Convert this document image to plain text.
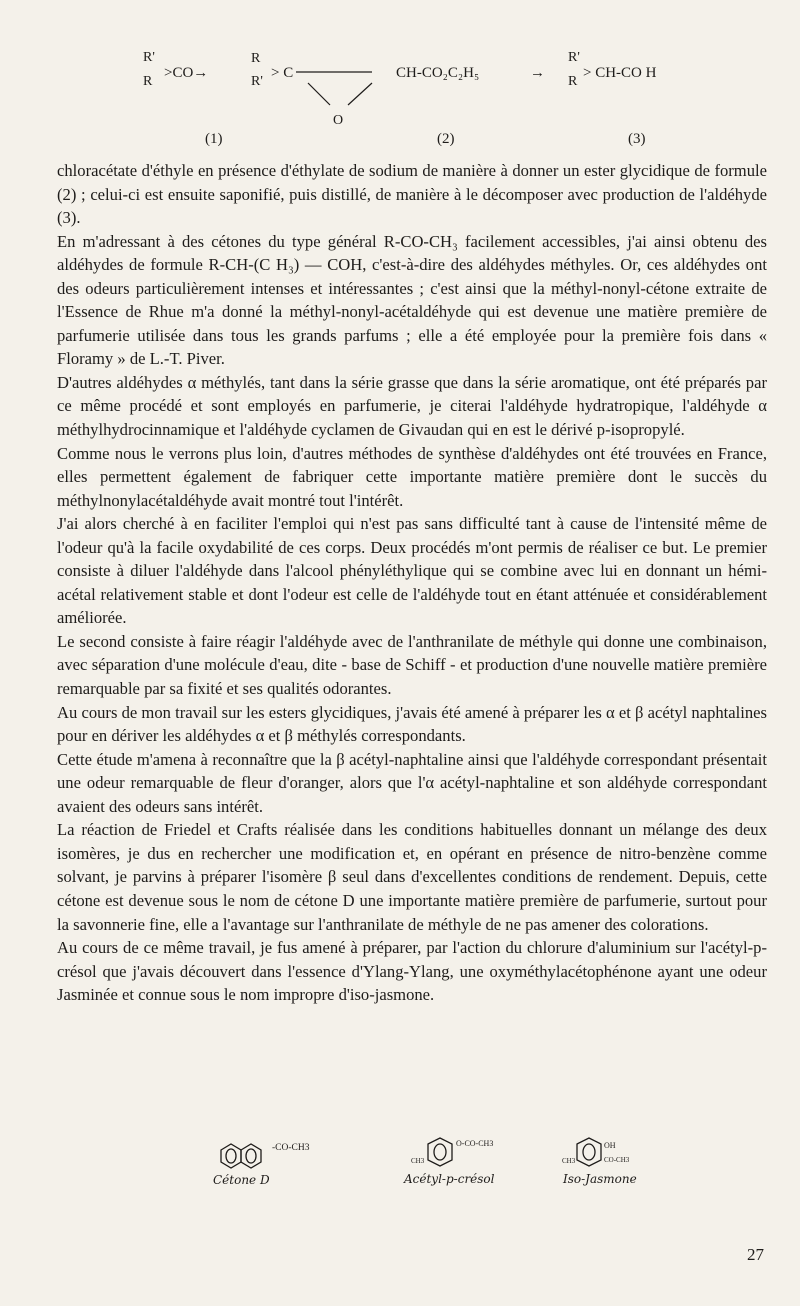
R'
R
>CO→
R
R'
> C
O
CH-CO₂C₂H₅	→
R'
R
> CH-CO H
(1)	(2)	(3)

chloracétate d'éthyle en présence d'éthylate de sodium de manière à donner un ester glycidique de formule (2) ; celui-ci est ensuite saponifié, puis distillé, de manière à le décomposer avec production de l'aldéhyde (3).

En m'adressant à des cétones du type général R-CO-CH₃ facilement accessibles, j'ai ainsi obtenu des aldéhydes de formule R-CH-(C H₃) — COH, c'est-à-dire des aldéhydes méthyles. Or, ces aldéhydes ont des odeurs particulièrement intenses et intéressantes ; c'est ainsi que la méthyl-nonyl-cétone extraite de l'Essence de Rhue m'a donné la méthyl-nonyl-acétaldéhyde qui est devenue une matière première de parfumerie utilisée dans tous les grands parfums ; elle a été employée pour la première fois dans « Floramy » de L.-T. Piver.

D'autres aldéhydes α méthylés, tant dans la série grasse que dans la série aromatique, ont été préparés par ce même procédé et sont employés en parfumerie, je citerai l'aldéhyde hydratropique, l'aldéhyde α méthylhydrocinnamique et l'aldéhyde cyclamen de Givaudan qui en est le dérivé p-isopropylé.

Comme nous le verrons plus loin, d'autres méthodes de synthèse d'aldéhydes ont été trouvées en France, elles permettent également de fabriquer cette importante matière première dont le succès du méthylnonylacétaldéhyde avait montré tout l'intérêt.

J'ai alors cherché à en faciliter l'emploi qui n'est pas sans difficulté tant à cause de l'intensité même de l'odeur qu'à la facile oxydabilité de ces corps. Deux procédés m'ont permis de réaliser ce but. Le premier consiste à diluer l'aldéhyde dans l'alcool phényléthylique qui se combine avec lui en donnant un hémi-acétal relativement stable et dont l'odeur est celle de l'aldéhyde tout en étant atténuée et considérablement améliorée.

Le second consiste à faire réagir l'aldéhyde avec de l'anthranilate de méthyle qui donne une combinaison, avec séparation d'une molécule d'eau, dite - base de Schiff - et production d'une nouvelle matière première remarquable par sa fixité et ses qualités odorantes.

Au cours de mon travail sur les esters glycidiques, j'avais été amené à préparer les α et β acétyl naphtalines pour en dériver les aldéhydes α et β méthylés correspondants.

Cette étude m'amena à reconnaître que la β acétyl-naphtaline ainsi que l'aldéhyde correspondant présentait une odeur remarquable de fleur d'oranger, alors que l'α acétyl-naphtaline et son aldéhyde correspondant avaient des odeurs sans intérêt.

La réaction de Friedel et Crafts réalisée dans les conditions habituelles donnant un mélange des deux isomères, je dus en rechercher une modification et, en opérant en présence de nitro-benzène comme solvant, je parvins à préparer l'isomère β seul dans d'excellentes conditions de rendement. Depuis, cette cétone est devenue sous le nom de cétone D une importante matière première de parfumerie, surtout pour la savonnerie fine, elle a l'avantage sur l'anthranilate de méthyle de ne pas amener des colorations.

Au cours de ce même travail, je fus amené à préparer, par l'action du chlorure d'aluminium sur l'acétyl-p-crésol que j'avais découvert dans l'essence d'Ylang-Ylang, une oxyméthylacétophénone ayant une odeur Jasminée et connue sous le nom impropre d'iso-jasmone.

-CO-CH3
Cétone D
O-CO-CH3
CH3
Acétyl-p-crésol
OH
CH3	CO-CH3
Iso-Jasmone
27
